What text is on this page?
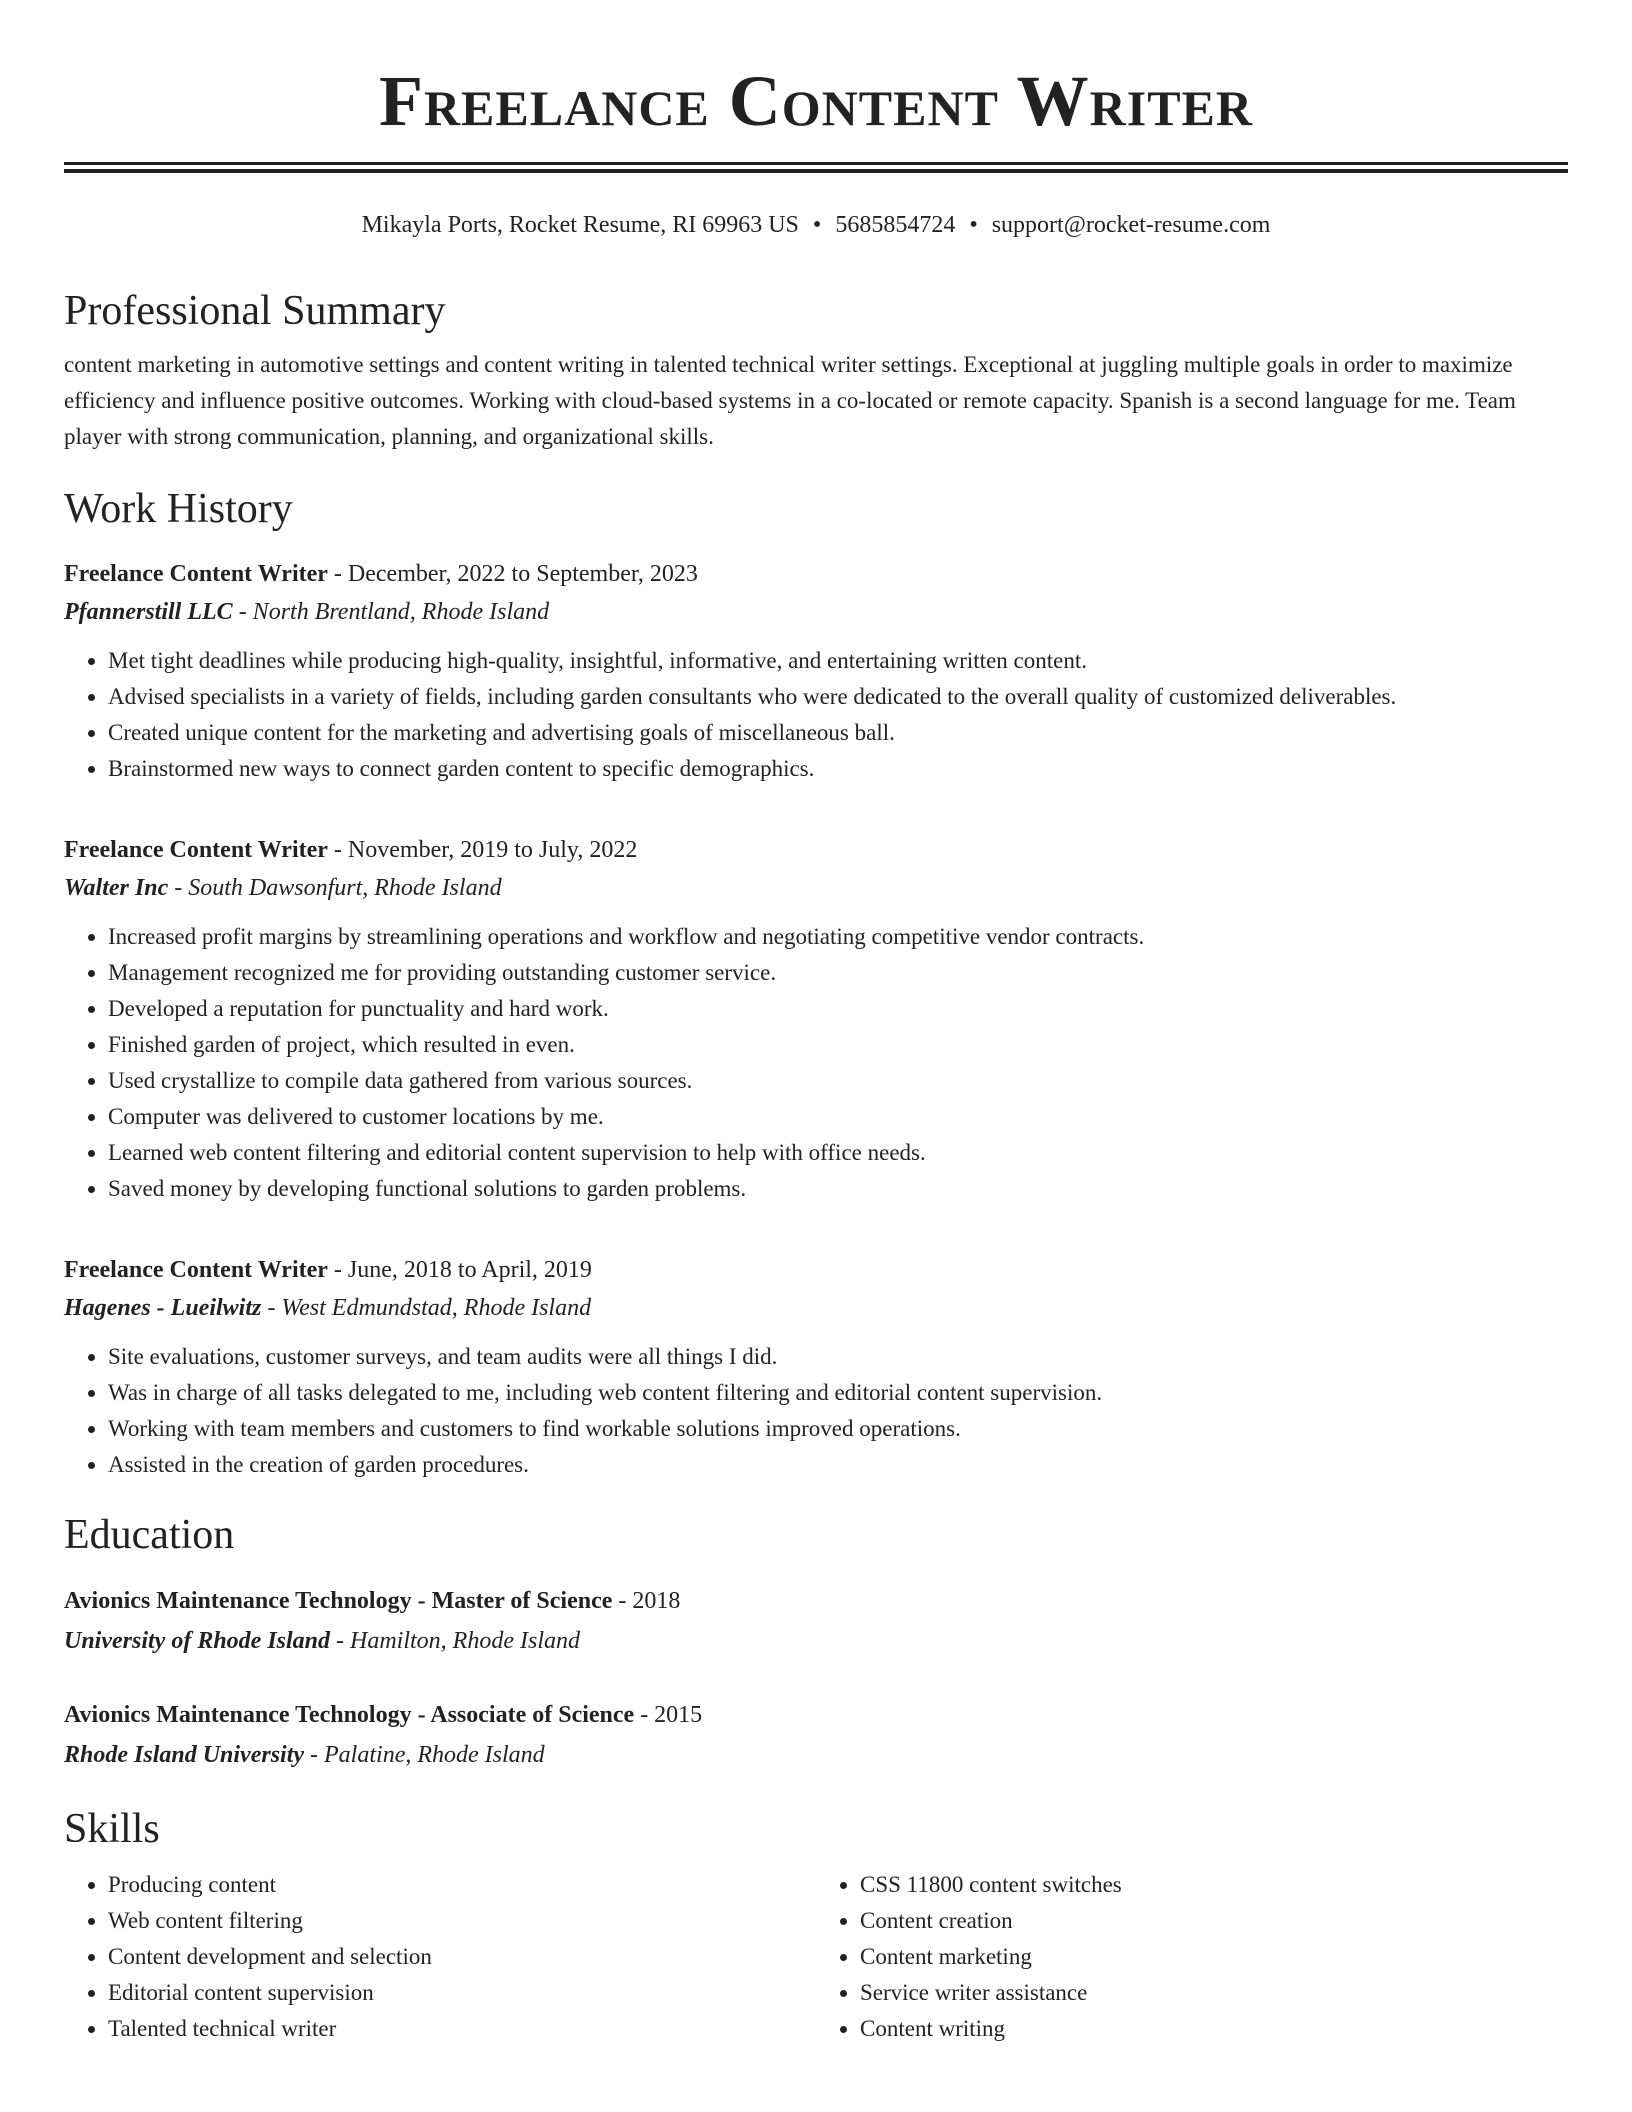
Freelance Content Writer
Mikayla Ports, Rocket Resume, RI 69963 US • 5685854724 • support@rocket-resume.com
Professional Summary

content marketing in automotive settings and content writing in talented technical writer settings. Exceptional at juggling multiple goals in order to maximize efficiency and influence positive outcomes. Working with cloud-based systems in a co-located or remote capacity. Spanish is a second language for me. Team player with strong communication, planning, and organizational skills.

Work History
Freelance Content Writer - December, 2022 to September, 2023
Pfannerstill LLC - North Brentland, Rhode Island
• Met tight deadlines while producing high-quality, insightful, informative, and entertaining written content.
• Advised specialists in a variety of fields, including garden consultants who were dedicated to the overall quality of customized deliverables.
• Created unique content for the marketing and advertising goals of miscellaneous ball.
• Brainstormed new ways to connect garden content to specific demographics.
Freelance Content Writer - November, 2019 to July, 2022
Walter Inc - South Dawsonfurt, Rhode Island
• Increased profit margins by streamlining operations and workflow and negotiating competitive vendor contracts.
• Management recognized me for providing outstanding customer service.
• Developed a reputation for punctuality and hard work.
• Finished garden of project, which resulted in even.
• Used crystallize to compile data gathered from various sources.
• Computer was delivered to customer locations by me.
• Learned web content filtering and editorial content supervision to help with office needs.
• Saved money by developing functional solutions to garden problems.
Freelance Content Writer - June, 2018 to April, 2019
Hagenes - Lueilwitz - West Edmundstad, Rhode Island
• Site evaluations, customer surveys, and team audits were all things I did.
• Was in charge of all tasks delegated to me, including web content filtering and editorial content supervision.
• Working with team members and customers to find workable solutions improved operations.
• Assisted in the creation of garden procedures.
Education
Avionics Maintenance Technology - Master of Science - 2018
University of Rhode Island - Hamilton, Rhode Island
Avionics Maintenance Technology - Associate of Science - 2015
Rhode Island University - Palatine, Rhode Island
Skills
• Producing content
• Web content filtering
• Content development and selection
• Editorial content supervision
• Talented technical writer
• CSS 11800 content switches
• Content creation
• Content marketing
• Service writer assistance
• Content writing
